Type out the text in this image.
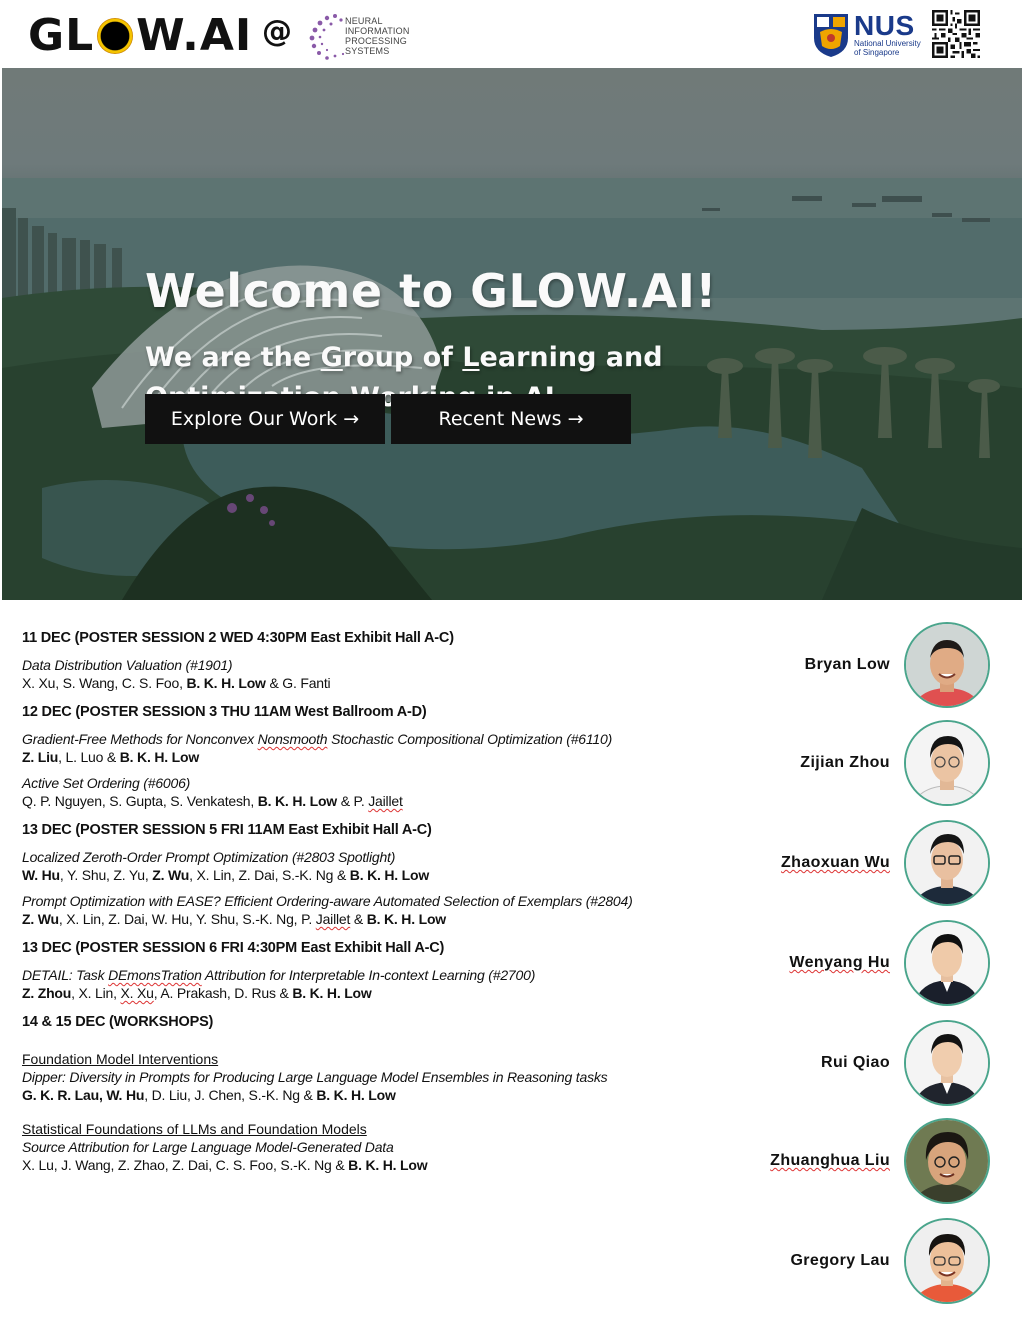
GL W.AI @	NEURAL INFORMATION
PROCESSING SYSTEMS
NUS
National University
of Singapore
Welcome to GLOW.AI!
We are the Group of Learning and

Explore Our Work →	Recent News →
11 DEC (POSTER SESSION 2 WED 4:30PM East Exhibit Hall A-C)
Data Distribution Valuation (#1901)
X. Xu, S. Wang, C. S. Foo, B. K. H. Low & G. Fanti
12 DEC (POSTER SESSION 3 THU 11AM West Ballroom A-D)
Gradient-Free Methods for Nonconvex Nonsmooth Stochastic Compositional Optimization (#6110)
Z. Liu, L. Luo & B. K. H. Low
Active Set Ordering (#6006)
Q. P. Nguyen, S. Gupta, S. Venkatesh, B. K. H. Low & P. Jaillet
13 DEC (POSTER SESSION 5 FRI 11AM East Exhibit Hall A-C)
Localized Zeroth-Order Prompt Optimization (#2803 Spotlight)
W. Hu, Y. Shu, Z. Yu, Z. Wu, X. Lin, Z. Dai, S.-K. Ng & B. K. H. Low
Prompt Optimization with EASE? Efficient Ordering-aware Automated Selection of Exemplars (#2804)
Z. Wu, X. Lin, Z. Dai, W. Hu, Y. Shu, S.-K. Ng, P. Jaillet & B. K. H. Low
13 DEC (POSTER SESSION 6 FRI 4:30PM East Exhibit Hall A-C)
DETAIL: Task DEmonsTration Attribution for Interpretable In-context Learning (#2700)
Z. Zhou, X. Lin, X. Xu, A. Prakash, D. Rus & B. K. H. Low
14 & 15 DEC (WORKSHOPS)
Foundation Model Interventions
Dipper: Diversity in Prompts for Producing Large Language Model Ensembles in Reasoning tasks
G. K. R. Lau, W. Hu, D. Liu, J. Chen, S.-K. Ng & B. K. H. Low
Statistical Foundations of LLMs and Foundation Models
Source Attribution for Large Language Model-Generated Data
X. Lu, J. Wang, Z. Zhao, Z. Dai, C. S. Foo, S.-K. Ng & B. K. H. Low
Bryan Low
Zijian Zhou
Zhaoxuan Wu
Wenyang Hu
Rui Qiao
Zhuanghua Liu
Gregory Lau
